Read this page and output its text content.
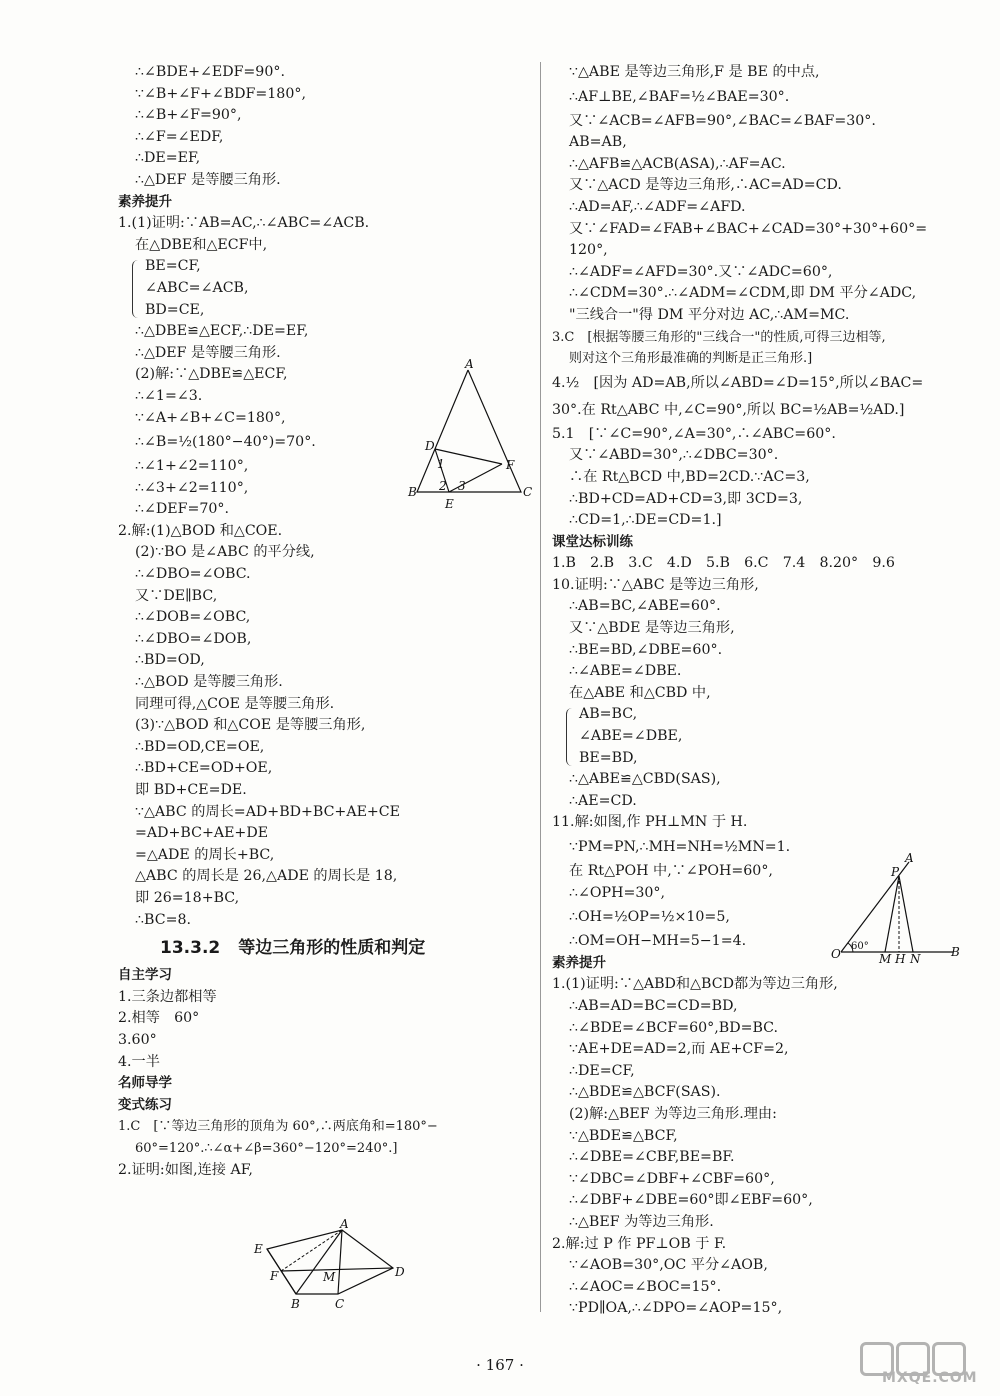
∴∠BDE+∠EDF=90°.
∵∠B+∠F+∠BDF=180°,
∴∠B+∠F=90°,
∴∠F=∠EDF,
∴DE=EF,
∴△DEF 是等腰三角形.
素养提升
1.(1)证明:∵AB=AC,∴∠ABC=∠ACB.
在△DBE和△ECF中,
BE=CF,
∠ABC=∠ACB,
BD=CE,
∴△DBE≌△ECF,∴DE=EF,
∴△DEF 是等腰三角形.
(2)解:∵△DBE≌△ECF,
∴∠1=∠3.
∵∠A+∠B+∠C=180°,
∴∠B=½(180°−40°)=70°.
∴∠1+∠2=110°,
∴∠3+∠2=110°,
∴∠DEF=70°.
2.解:(1)△BOD 和△COE.
(2)∵BO 是∠ABC 的平分线,
∴∠DBO=∠OBC.
又∵DE∥BC,
∴∠DOB=∠OBC,
∴∠DBO=∠DOB,
∴BD=OD,
∴△BOD 是等腰三角形.
同理可得,△COE 是等腰三角形.
(3)∵△BOD 和△COE 是等腰三角形,
∴BD=OD,CE=OE,
∴BD+CE=OD+OE,
即 BD+CE=DE.
∵△ABC 的周长=AD+BD+BC+AE+CE
=AD+BC+AE+DE
=△ADE 的周长+BC,
△ABC 的周长是 26,△ADE 的周长是 18,
即 26=18+BC,
∴BC=8.
13.3.2 等边三角形的性质和判定
自主学习
1.三条边都相等
2.相等　60°
3.60°
4.一半
名师导学
变式练习
1.C　[∵等边三角形的顶角为 60°,∴两底角和=180°−
60°=120°.∴∠α+∠β=360°−120°=240°.]
2.证明:如图,连接 AF,
∵△ABE 是等边三角形,F 是 BE 的中点,
∴AF⊥BE,∠BAF=½∠BAE=30°.
又∵∠ACB=∠AFB=90°,∠BAC=∠BAF=30°.
AB=AB,
∴△AFB≌△ACB(ASA),∴AF=AC.
又∵△ACD 是等边三角形,∴AC=AD=CD.
∴AD=AF,∴∠ADF=∠AFD.
又∵∠FAD=∠FAB+∠BAC+∠CAD=30°+30°+60°=
120°,
∴∠ADF=∠AFD=30°.又∵∠ADC=60°,
∴∠CDM=30°.∴∠ADM=∠CDM,即 DM 平分∠ADC,
"三线合一"得 DM 平分对边 AC,∴AM=MC.
3.C　[根据等腰三角形的"三线合一"的性质,可得三边相等,
则对这个三角形最准确的判断是正三角形.]
4.½　[因为 AD=AB,所以∠ABD=∠D=15°,所以∠BAC=
30°.在 Rt△ABC 中,∠C=90°,所以 BC=½AB=½AD.]
5.1　[∵∠C=90°,∠A=30°,∴∠ABC=60°.
又∵∠ABD=30°,∴∠DBC=30°.
∴在 Rt△BCD 中,BD=2CD.∵AC=3,
∴BD+CD=AD+CD=3,即 3CD=3,
∴CD=1,∴DE=CD=1.]
课堂达标训练
1.B　2.B　3.C　4.D　5.B　6.C　7.4　8.20°　9.6
10.证明:∵△ABC 是等边三角形,
∴AB=BC,∠ABE=60°.
又∵△BDE 是等边三角形,
∴BE=BD,∠DBE=60°.
∴∠ABE=∠DBE.
在△ABE 和△CBD 中,
AB=BC,
∠ABE=∠DBE,
BE=BD,
∴△ABE≌△CBD(SAS),
∴AE=CD.
11.解:如图,作 PH⊥MN 于 H.
∵PM=PN,∴MH=NH=½MN=1.
在 Rt△POH 中,∵∠POH=60°,
∴∠OPH=30°,
∴OH=½OP=½×10=5,
∴OM=OH−MH=5−1=4.
素养提升
1.(1)证明:∵△ABD和△BCD都为等边三角形,
∴AB=AD=BC=CD=BD,
∴∠BDE=∠BCF=60°,BD=BC.
∵AE+DE=AD=2,而 AE+CF=2,
∴DE=CF,
∴△BDE≌△BCF(SAS).
(2)解:△BEF 为等边三角形.理由:
∵△BDE≌△BCF,
∴∠DBE=∠CBF,BE=BF.
∵∠DBC=∠DBF+∠CBF=60°,
∴∠DBF+∠DBE=60°即∠EBF=60°,
∴△BEF 为等边三角形.
2.解:过 P 作 PF⊥OB 于 F.
∵∠AOB=30°,OC 平分∠AOB,
∴∠AOC=∠BOC=15°.
∵PD∥OA,∴∠DPO=∠AOP=15°,
A
D
1	F
B 2 3	C
E
A
E
F	M	D
B	C
A
P
60°
O	M H N	B
· 167 ·
MXQE.COM
